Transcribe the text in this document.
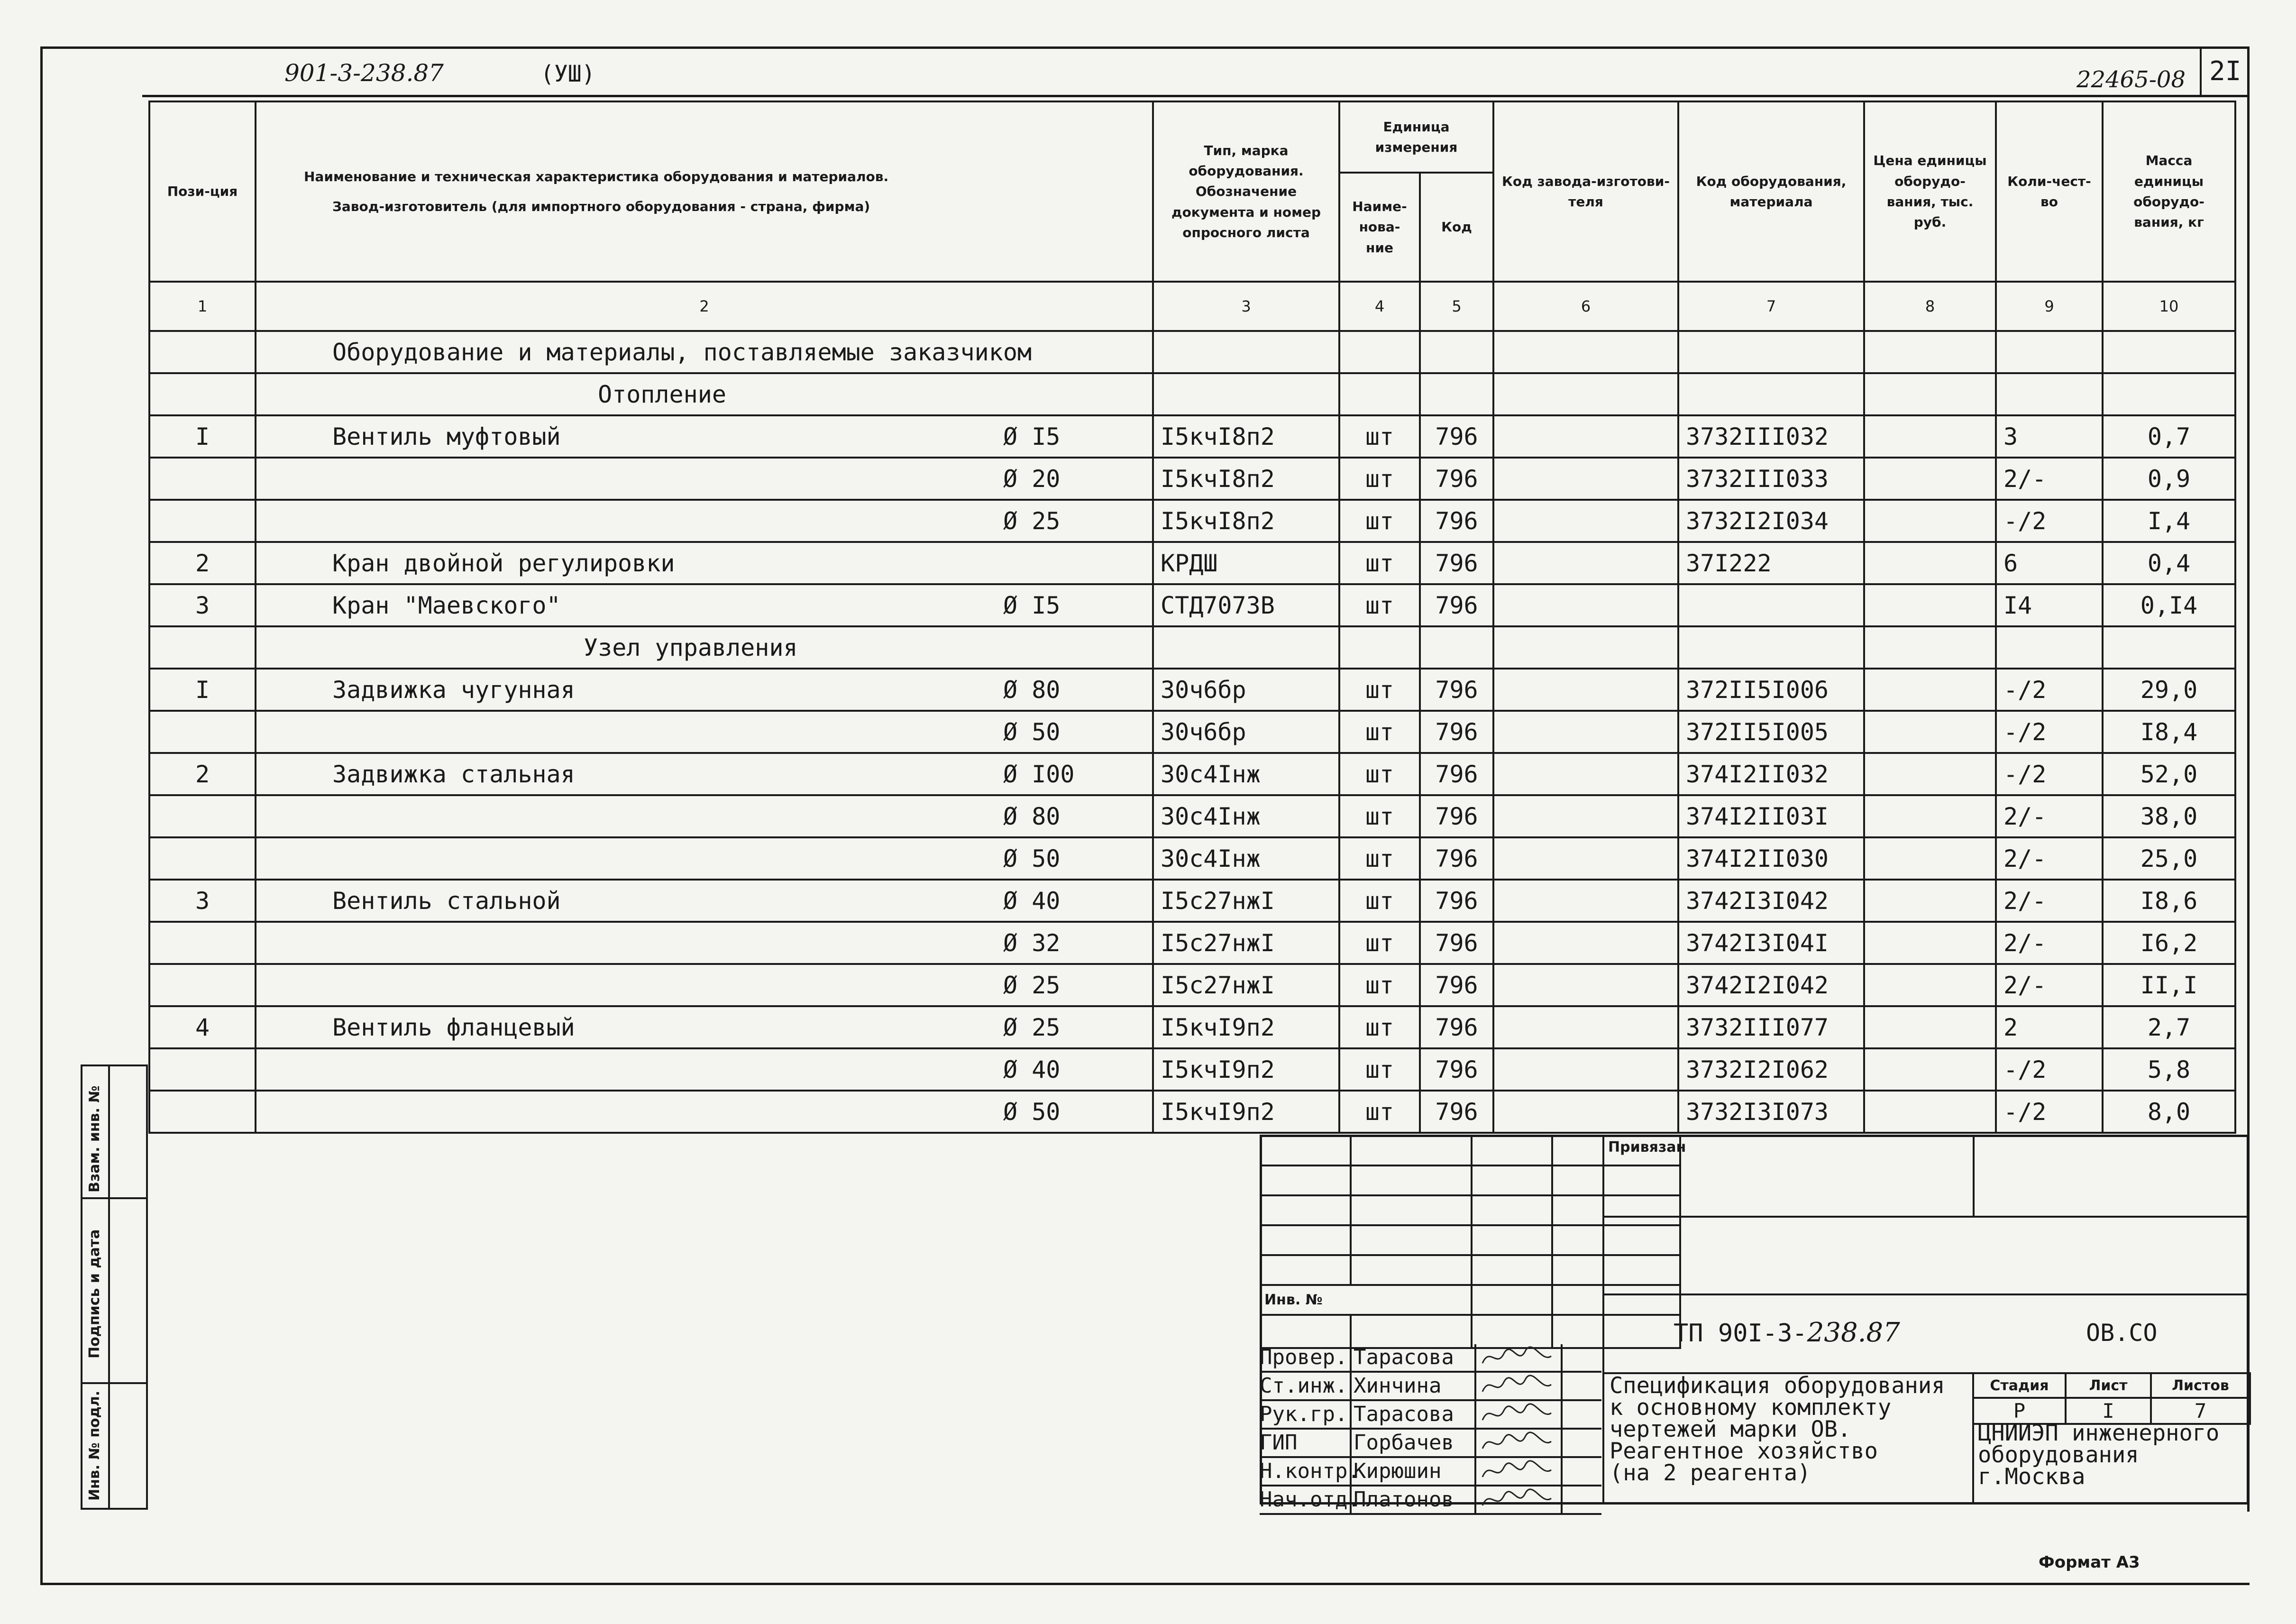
901-3-238.87	(УШ)	22465-08 2I
Пози-ция	Наименование и техническая характеристика оборудования и материалов.
Завод-изготовитель (для импортного оборудования - страна, фирма)	Тип, марка оборудования. Обозначение документа и номер опросного листа	Единица измерения		Код завода-изготови-теля	Код оборудования, материала	Цена единицы оборудо-вания, тыс. руб.	Коли-чест-во	Масса единицы оборудо-вания, кг
			Наиме-нова-ние	Код					
1	2	3	4	5	6	7	8	9	10
	Оборудование и материалы, поставляемые заказчиком								
	Отопление								
I	Вентиль муфтовый Ø I5	I5кчI8п2	шт	796		3732III032		3	0,7

	Ø 20	I5кчI8п2	шт	796		3732III033		2/-	0,9

	Ø 25	I5кчI8п2	шт	796		3732I2I034		-/2	I,4
2	Кран двойной регулировки	КРДШ	шт	796		37I222		6	0,4
3	Кран "Маевского" Ø I5	СТД7073В	шт	796				I4	0,I4
	Узел управления								
I	Задвижка чугунная Ø 80	30ч6бр	шт	796		372II5I006		-/2	29,0

	Ø 50	30ч6бр	шт	796		372II5I005		-/2	I8,4
2	Задвижка стальная Ø I00	30с4Iнж	шт	796		374I2II032		-/2	52,0

	Ø 80	30с4Iнж	шт	796		374I2II03I		2/-	38,0

	Ø 50	30с4Iнж	шт	796		374I2II030		2/-	25,0
3	Вентиль стальной Ø 40	I5с27нжI	шт	796		3742I3I042		2/-	I8,6

	Ø 32	I5с27нжI	шт	796		3742I3I04I		2/-	I6,2

	Ø 25	I5с27нжI	шт	796		3742I2I042		2/-	II,I
4	Вентиль фланцевый Ø 25	I5кчI9п2	шт	796		3732III077		2	2,7

	Ø 40	I5кчI9п2	шт	796		3732I2I062		-/2	5,8

	Ø 50	I5кчI9п2	шт	796		3732I3I073		-/2	8,0

Взам. инв. №
Подпись и дата
Инв. № подл.

Инв. №			

Провер. Тарасова
Ст.инж. Хинчина
Рук.гр. Тарасова
ГИП	Горбачев
Н.контр.
Кирюшин
Нач.отд.
Платонов
Привязан
ТП 90I-3-238.87	ОВ.СО
Спецификация оборудования
к основному комплекту
чертежей марки ОВ.
Реагентное хозяйство
(на 2 реагента)
Стадия	Лист	Листов
Р	I	7
ЦНИИЭП инженерного
оборудования
г.Москва
Формат А3
